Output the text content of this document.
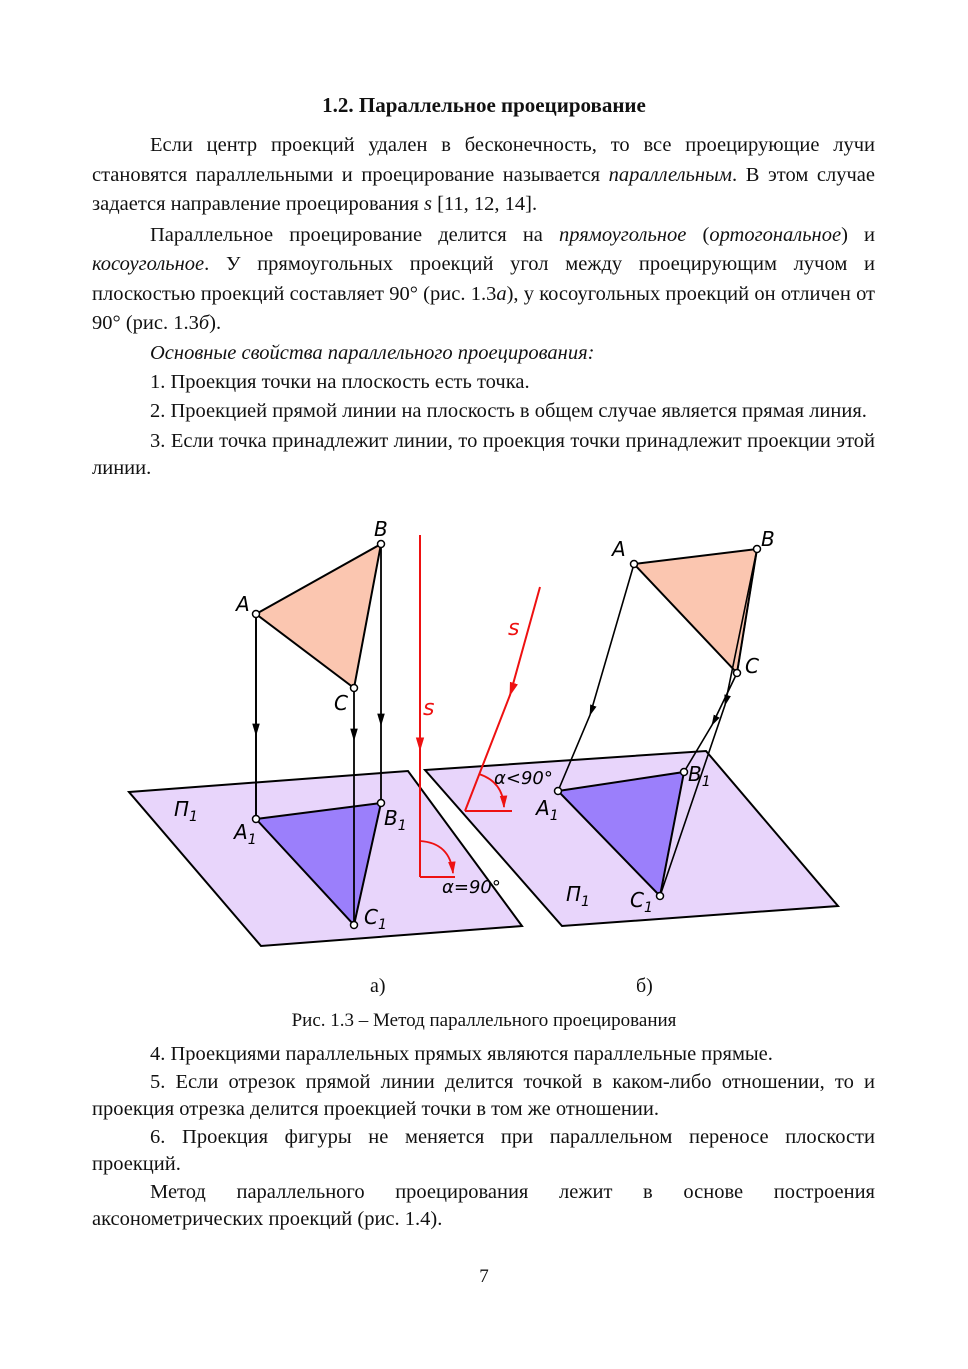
1.2. Параллельное проецирование

Если центр проекций удален в бесконечность, то все проецирующие лучи становятся параллельными и проецирование называется параллельным. В этом случае задается направление проецирования s [11, 12, 14].

Параллельное проецирование делится на прямоугольное (ортогональное) и косоугольное. У прямоугольных проекций угол между проецирующим лучом и плоскостью проекций составляет 90° (рис. 1.3а), у косоугольных проекций он отличен от 90° (рис. 1.3б).

Основные свойства параллельного проецирования:

1. Проекция точки на плоскость есть точка.

2. Проекцией прямой линии на плоскость в общем случае является прямая линия.

3. Если точка принадлежит линии, то проекция точки принадлежит проекции этой линии.

A
B
C
$A_1$
$B_1$
$C_1$
$П_1$
s
α=90°
A	B
C
$A_1$
$B_1$
$C_1$
$П_1$
s
α<90°
а)	б)
Рис. 1.3 – Метод параллельного проецирования

4. Проекциями параллельных прямых являются параллельные прямые.

5. Если отрезок прямой линии делится точкой в каком-либо отношении, то и проекция отрезка делится проекцией точки в том же отношении.

6. Проекция фигуры не меняется при параллельном переносе плоскости проекций.

Метод параллельного проецирования лежит в основе построения аксонометрических проекций (рис. 1.4).

7
